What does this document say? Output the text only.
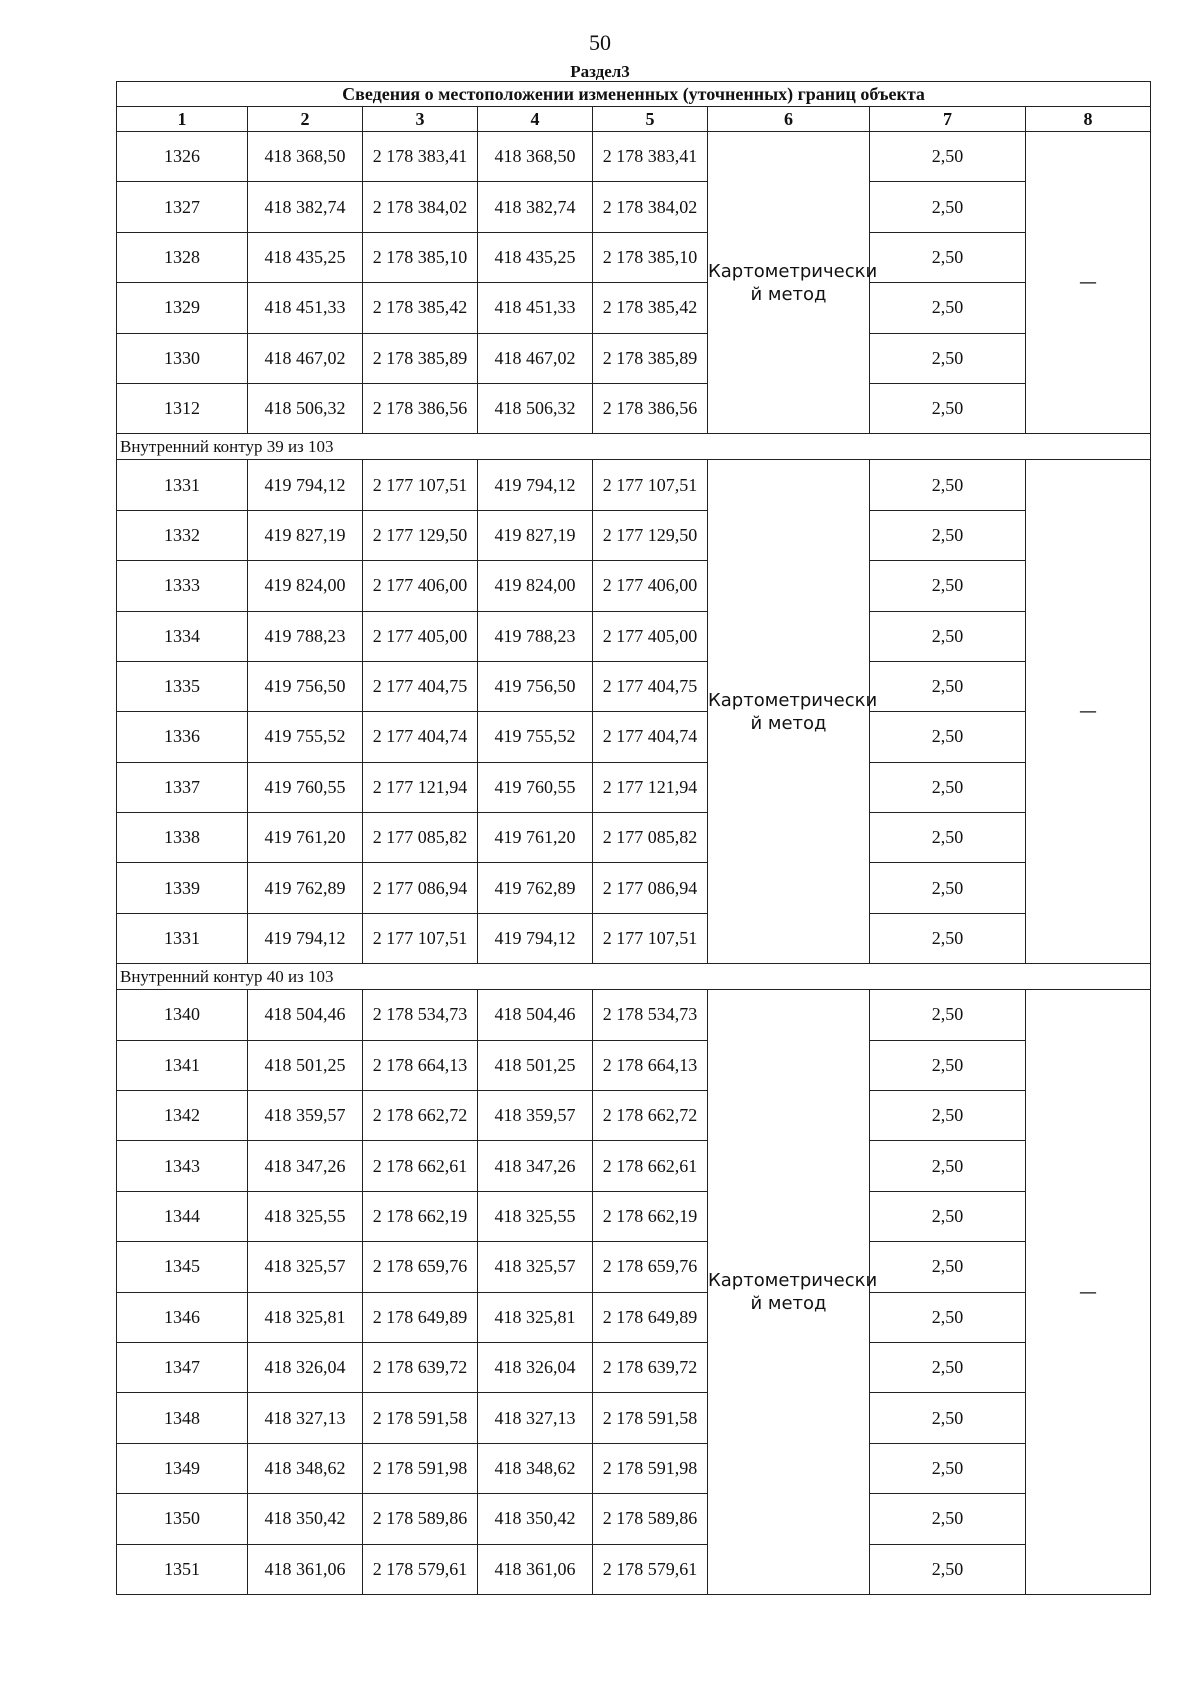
50
Раздел3
Сведения о местоположении измененных (уточненных) границ объекта							
1	2	3	4	5	6	7	8
1326	418 368,50	2 178 383,41	418 368,50	2 178 383,41	Картометрически й метод	2,50	—
1327	418 382,74	2 178 384,02	418 382,74	2 178 384,02		2,50	
1328	418 435,25	2 178 385,10	418 435,25	2 178 385,10		2,50	
1329	418 451,33	2 178 385,42	418 451,33	2 178 385,42		2,50	
1330	418 467,02	2 178 385,89	418 467,02	2 178 385,89		2,50	
1312	418 506,32	2 178 386,56	418 506,32	2 178 386,56		2,50	
Внутренний контур 39 из 103							
1331	419 794,12	2 177 107,51	419 794,12	2 177 107,51	Картометрически й метод	2,50	—
1332	419 827,19	2 177 129,50	419 827,19	2 177 129,50		2,50	
1333	419 824,00	2 177 406,00	419 824,00	2 177 406,00		2,50	
1334	419 788,23	2 177 405,00	419 788,23	2 177 405,00		2,50	
1335	419 756,50	2 177 404,75	419 756,50	2 177 404,75		2,50	
1336	419 755,52	2 177 404,74	419 755,52	2 177 404,74		2,50	
1337	419 760,55	2 177 121,94	419 760,55	2 177 121,94		2,50	
1338	419 761,20	2 177 085,82	419 761,20	2 177 085,82		2,50	
1339	419 762,89	2 177 086,94	419 762,89	2 177 086,94		2,50	
1331	419 794,12	2 177 107,51	419 794,12	2 177 107,51		2,50	
Внутренний контур 40 из 103							
1340	418 504,46	2 178 534,73	418 504,46	2 178 534,73	Картометрически й метод	2,50	—
1341	418 501,25	2 178 664,13	418 501,25	2 178 664,13		2,50	
1342	418 359,57	2 178 662,72	418 359,57	2 178 662,72		2,50	
1343	418 347,26	2 178 662,61	418 347,26	2 178 662,61		2,50	
1344	418 325,55	2 178 662,19	418 325,55	2 178 662,19		2,50	
1345	418 325,57	2 178 659,76	418 325,57	2 178 659,76		2,50	
1346	418 325,81	2 178 649,89	418 325,81	2 178 649,89		2,50	
1347	418 326,04	2 178 639,72	418 326,04	2 178 639,72		2,50	
1348	418 327,13	2 178 591,58	418 327,13	2 178 591,58		2,50	
1349	418 348,62	2 178 591,98	418 348,62	2 178 591,98		2,50	
1350	418 350,42	2 178 589,86	418 350,42	2 178 589,86		2,50	
1351	418 361,06	2 178 579,61	418 361,06	2 178 579,61		2,50	
